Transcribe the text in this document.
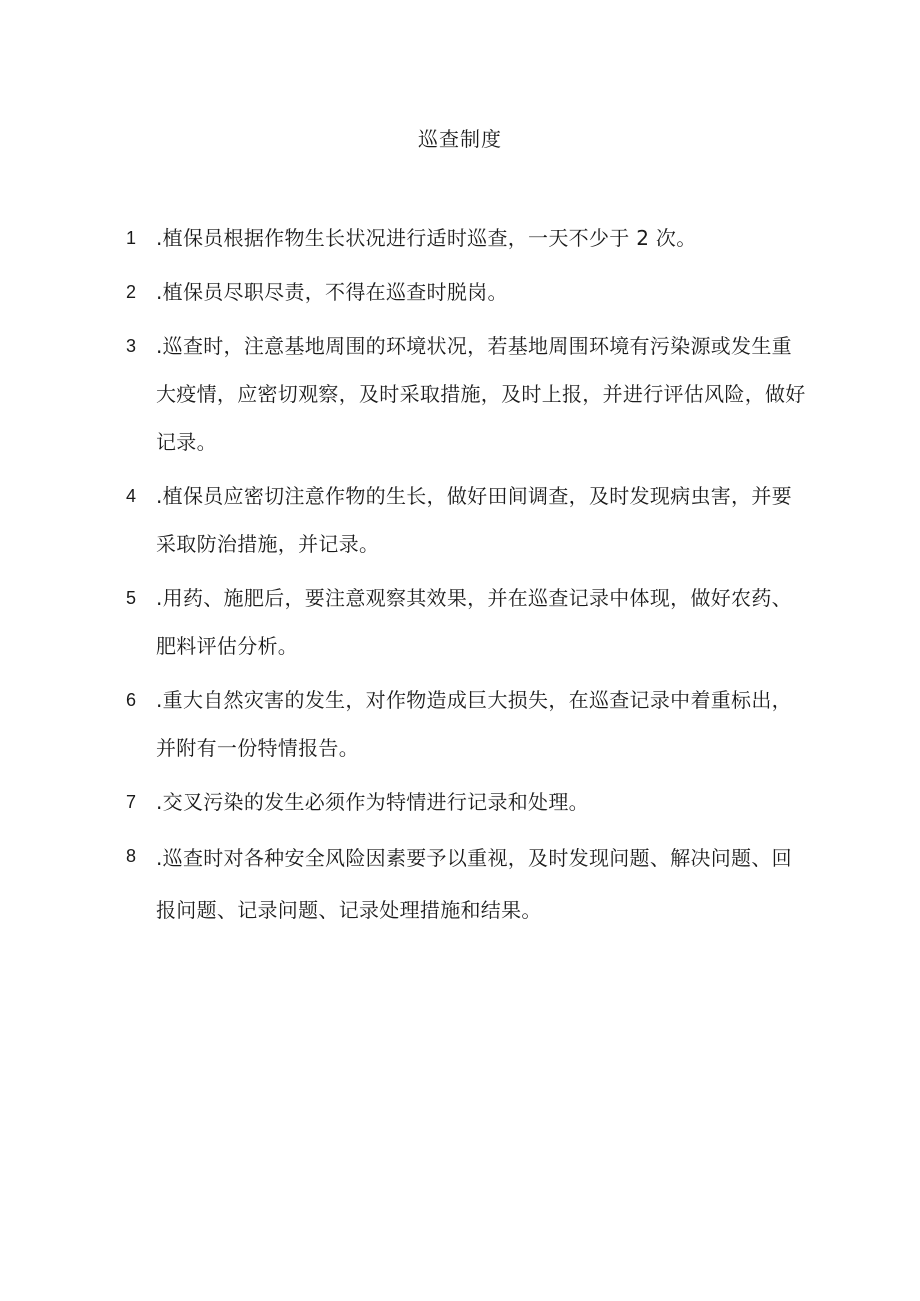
巡查制度
1 .植保员根据作物生长状况进行适时巡查，一天不少于 2 次。
2 .植保员尽职尽责，不得在巡查时脱岗。
3 .巡查时，注意基地周围的环境状况，若基地周围环境有污染源或发生重大疫情，应密切观察，及时采取措施，及时上报，并进行评估风险，做好记录。
4 .植保员应密切注意作物的生长，做好田间调查，及时发现病虫害，并要采取防治措施，并记录。
5 .用药、施肥后，要注意观察其效果，并在巡查记录中体现，做好农药、肥料评估分析。
6 .重大自然灾害的发生，对作物造成巨大损失，在巡查记录中着重标出，并附有一份特情报告。
7 .交叉污染的发生必须作为特情进行记录和处理。
8 .巡查时对各种安全风险因素要予以重视，及时发现问题、解决问题、回报问题、记录问题、记录处理措施和结果。
